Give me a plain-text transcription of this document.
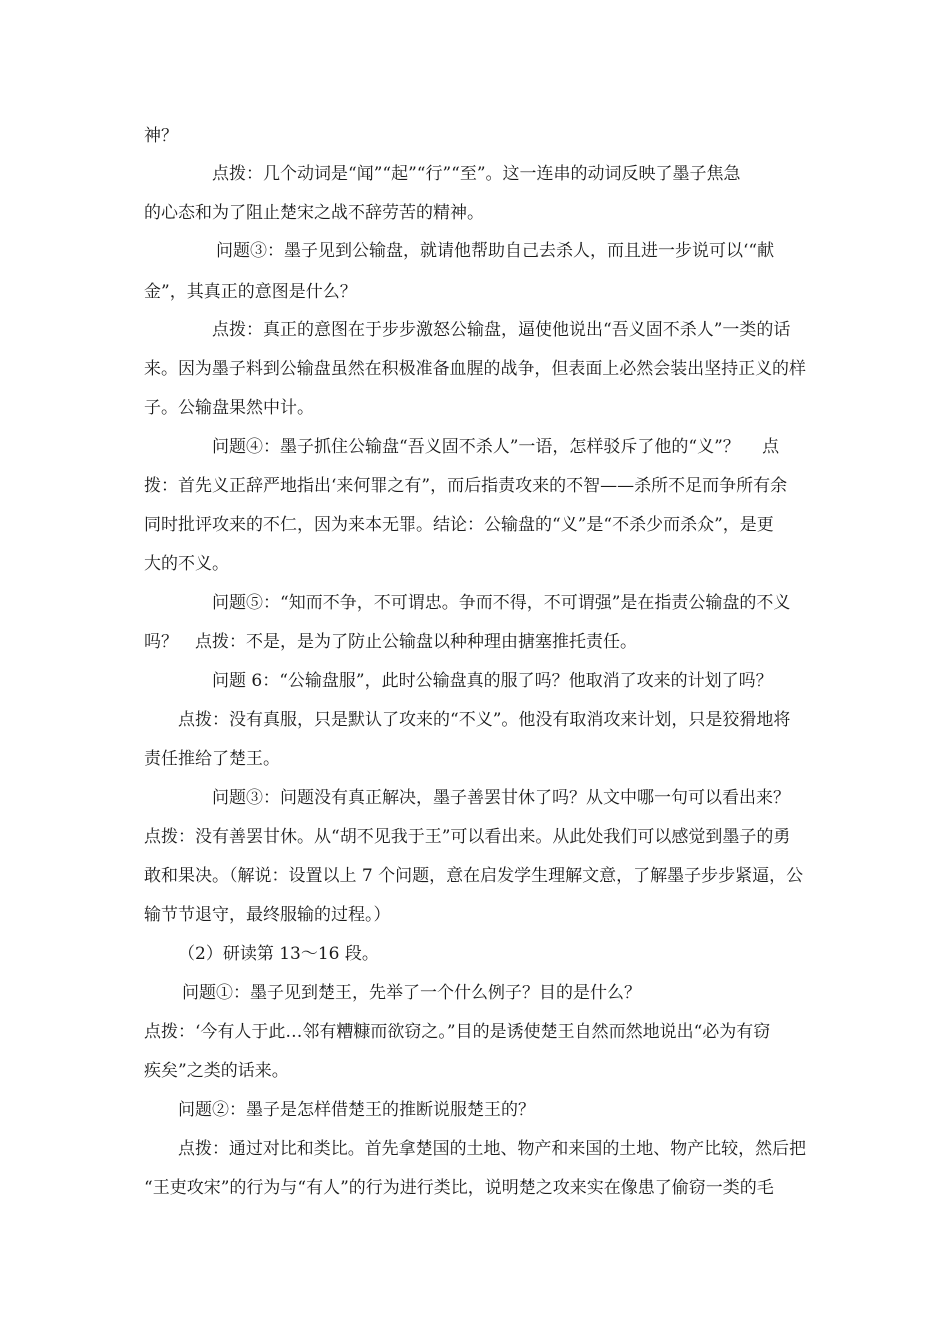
神？
点拨：几个动词是“闻”“起”“行”“至”。这一连串的动词反映了墨子焦急
的心态和为了阻止楚宋之战不辞劳苦的精神。
问题③：墨子见到公输盘，就请他帮助自己去杀人，而且进一步说可以‘“献
金”，其真正的意图是什么？
点拨：真正的意图在于步步激怒公输盘，逼使他说出“吾义固不杀人”一类的话
来。因为墨子料到公输盘虽然在积极准备血腥的战争，但表面上必然会装出坚持正义的样
子。公输盘果然中计。
问题④：墨子抓住公输盘“吾义固不杀人”一语，怎样驳斥了他的“义”？　 点
拨：首先义正辞严地指出‘来何罪之有”，而后指责攻来的不智——杀所不足而争所有余
同时批评攻来的不仁，因为来本无罪。结论：公输盘的“义”是“不杀少而杀众”，是更
大的不义。
问题⑤：“知而不争，不可谓忠。争而不得，不可谓强”是在指责公输盘的不义
吗？　点拨：不是，是为了防止公输盘以种种理由搪塞推托责任。
问题 6：“公输盘服”，此时公输盘真的服了吗？他取消了攻来的计划了吗？
点拨：没有真服，只是默认了攻来的“不义”。他没有取消攻来计划，只是狡猾地将
责任推给了楚王。
问题③：问题没有真正解决，墨子善罢甘休了吗？从文中哪一句可以看出来？
点拨：没有善罢甘休。从“胡不见我于王”可以看出来。从此处我们可以感觉到墨子的勇
敢和果决。（解说：设置以上 7 个问题，意在启发学生理解文意，了解墨子步步紧逼，公
输节节退守，最终服输的过程。）
（2）研读第 13～16 段。
问题①：墨子见到楚王，先举了一个什么例子？目的是什么？
点拨：‘今有人于此…邻有糟糠而欲窃之。”目的是诱使楚王自然而然地说出“必为有窃
疾矣”之类的话来。
问题②：墨子是怎样借楚王的推断说服楚王的？
点拨：通过对比和类比。首先拿楚国的土地、物产和来国的土地、物产比较，然后把
“王吏攻宋”的行为与“有人”的行为进行类比，说明楚之攻来实在像患了偷窃一类的毛
